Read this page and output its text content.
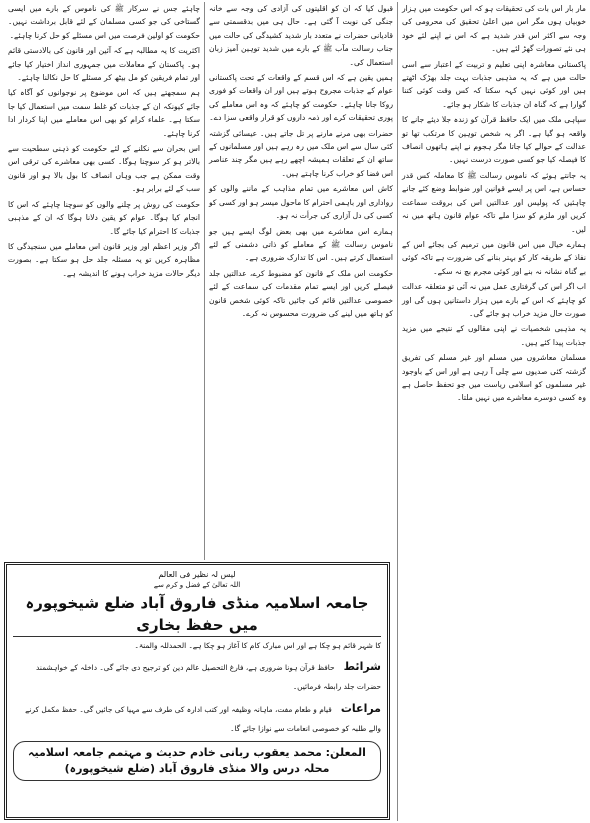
مار بار اس بات کی تحقیقات ہو کہ اس حکومت میں ہزار خوبیاں ہوں مگر اس میں اعلیٰ تحقیق کی محرومی کی وجہ سے اکثر اس قدر شدید ہے کہ اس نے اپنے لئے خود ہی نئے تصورات گھڑ لئے ہیں۔

پاکستانی معاشرہ اپنی تعلیم و تربیت کے اعتبار سے اسی حالت میں ہے کہ یہ مذہبی جذبات بہت جلد بھڑک اٹھتے ہیں اور کوئی نہیں کہہ سکتا کہ کس وقت کوئی کتنا گوارا ہے کہ گناہ ان جذبات کا شکار ہو جائے۔

سپاہی ملک میں ایک حافظ قرآن کو زندہ جلا دیئے جانے کا واقعہ ہو گیا ہے۔ اگر یہ شخص توہین کا مرتکب تھا تو عدالت کے حوالے کیا جاتا مگر ہجوم نے اپنے ہاتھوں انصاف کا فیصلہ کیا جو کسی صورت درست نہیں۔

یہ جانتے ہوئے کہ ناموس رسالت ﷺ کا معاملہ کس قدر حساس ہے، اس پر ایسے قوانین اور ضوابط وضع کئے جانے چاہئیں کہ پولیس اور عدالتیں اس کی بروقت سماعت کریں اور ملزم کو سزا ملے تاکہ عوام قانون ہاتھ میں نہ لیں۔

ہمارے خیال میں اس قانون میں ترمیم کی بجائے اس کے نفاذ کے طریقہ کار کو بہتر بنانے کی ضرورت ہے تاکہ کوئی بے گناہ نشانہ نہ بنے اور کوئی مجرم بچ نہ سکے۔

اب اگر اس کی گرفتاری عمل میں نہ آئی تو متعلقہ عدالت کو چاہئے کہ اس کے بارے میں ہزار داستانیں ہوں گی اور صورت حال مزید خراب ہو جائے گی۔

یہ مذہبی شخصیات نے اپنی مقالوں کے نتیجے میں مزید جذبات پیدا کئے ہیں۔

مسلمان معاشروں میں مسلم اور غیر مسلم کی تفریق گزشتہ کئی صدیوں سے چلی آ رہی ہے اور اس کے باوجود غیر مسلموں کو اسلامی ریاست میں جو تحفظ حاصل ہے وہ کسی دوسرے معاشرے میں نہیں ملتا۔

قبول کیا کہ ان کو اقلیتوں کی آزادی کی وجہ سے خانہ جنگی کی نوبت آ گئی ہے۔ حال ہی میں بدقسمتی سے قادیانی حضرات نے متعدد بار شدید کشیدگی کی حالت میں جناب رسالت مآب ﷺ کے بارے میں شدید توہین آمیز زبان استعمال کی۔

ہمیں یقین ہے کہ اس قسم کے واقعات کے تحت پاکستانی عوام کے جذبات مجروح ہوتے ہیں اور ان واقعات کو فوری روکا جانا چاہئے۔ حکومت کو چاہئے کہ وہ اس معاملے کی پوری تحقیقات کرے اور ذمہ داروں کو قرار واقعی سزا دے۔

حضرات بھی مرنے مارنے پر تل جاتے ہیں۔ عیسائی گزشتہ کئی سال سے اس ملک میں رہ رہے ہیں اور مسلمانوں کے ساتھ ان کے تعلقات ہمیشہ اچھے رہے ہیں مگر چند عناصر اس فضا کو خراب کرنا چاہتے ہیں۔

کاش اس معاشرے میں تمام مذاہب کے ماننے والوں کو رواداری اور باہمی احترام کا ماحول میسر ہو اور کسی کو کسی کی دل آزاری کی جرأت نہ ہو۔

ہمارے اس معاشرے میں بھی بعض لوگ ایسے ہیں جو ناموس رسالت ﷺ کے معاملے کو ذاتی دشمنی کے لئے استعمال کرتے ہیں۔ اس کا تدارک ضروری ہے۔

حکومت اس ملک کے قانون کو مضبوط کرے، عدالتیں جلد فیصلے کریں اور ایسے تمام مقدمات کی سماعت کے لئے خصوصی عدالتیں قائم کی جائیں تاکہ کوئی شخص قانون کو ہاتھ میں لینے کی ضرورت محسوس نہ کرے۔

چاہئے جس نے سرکار ﷺ کی ناموس کے بارے میں ایسی گستاخی کی جو کسی مسلمان کے لئے قابل برداشت نہیں۔ حکومت کو اولین فرصت میں اس مسئلے کو حل کرنا چاہئے۔

اکثریت کا یہ مطالبہ ہے کہ آئین اور قانون کی بالادستی قائم ہو۔ پاکستان کے معاملات میں جمہوری انداز اختیار کیا جائے اور تمام فریقین کو مل بیٹھ کر مسئلے کا حل نکالنا چاہئے۔

ہم سمجھتے ہیں کہ اس موضوع پر نوجوانوں کو آگاہ کیا جائے کیونکہ ان کے جذبات کو غلط سمت میں استعمال کیا جا سکتا ہے۔ علماء کرام کو بھی اس معاملے میں اپنا کردار ادا کرنا چاہئے۔

اس بحران سے نکلنے کے لئے حکومت کو ذہنی سطحیت سے بالاتر ہو کر سوچنا ہوگا۔ کسی بھی معاشرے کی ترقی اس وقت ممکن ہے جب وہاں انصاف کا بول بالا ہو اور قانون سب کے لئے برابر ہو۔

حکومت کی روش پر چلنے والوں کو سوچنا چاہئے کہ اس کا انجام کیا ہوگا۔ عوام کو یقین دلانا ہوگا کہ ان کے مذہبی جذبات کا احترام کیا جائے گا۔

اگر وزیر اعظم اور وزیر قانون اس معاملے میں سنجیدگی کا مظاہرہ کریں تو یہ مسئلہ جلد حل ہو سکتا ہے۔ بصورت دیگر حالات مزید خراب ہونے کا اندیشہ ہے۔

لیس لہ نظیر فی العالم
اللہ تعالیٰ کے فضل و کرم سے
جامعہ اسلامیہ منڈی فاروق آباد ضلع شیخوپورہ میں حفظ بخاری
کا شہر قائم ہو چکا ہے اور اس مبارک کام کا آغاز ہو چکا ہے۔ الحمدللہ والمنۃ۔
شرائط حافظ قرآن ہونا ضروری ہے، فارغ التحصیل عالم دین کو ترجیح دی جائے گی۔ داخلہ کے خواہشمند حضرات جلد رابطہ فرمائیں۔
مراعات قیام و طعام مفت، ماہانہ وظیفہ اور کتب ادارہ کی طرف سے مہیا کی جائیں گی۔ حفظ مکمل کرنے والے طلبہ کو خصوصی انعامات سے نوازا جائے گا۔
المعلن: محمد یعقوب ربانی خادم حدیث و مہتمم جامعہ اسلامیہ محلہ درس والا منڈی فاروق آباد (ضلع شیخوپورہ)
